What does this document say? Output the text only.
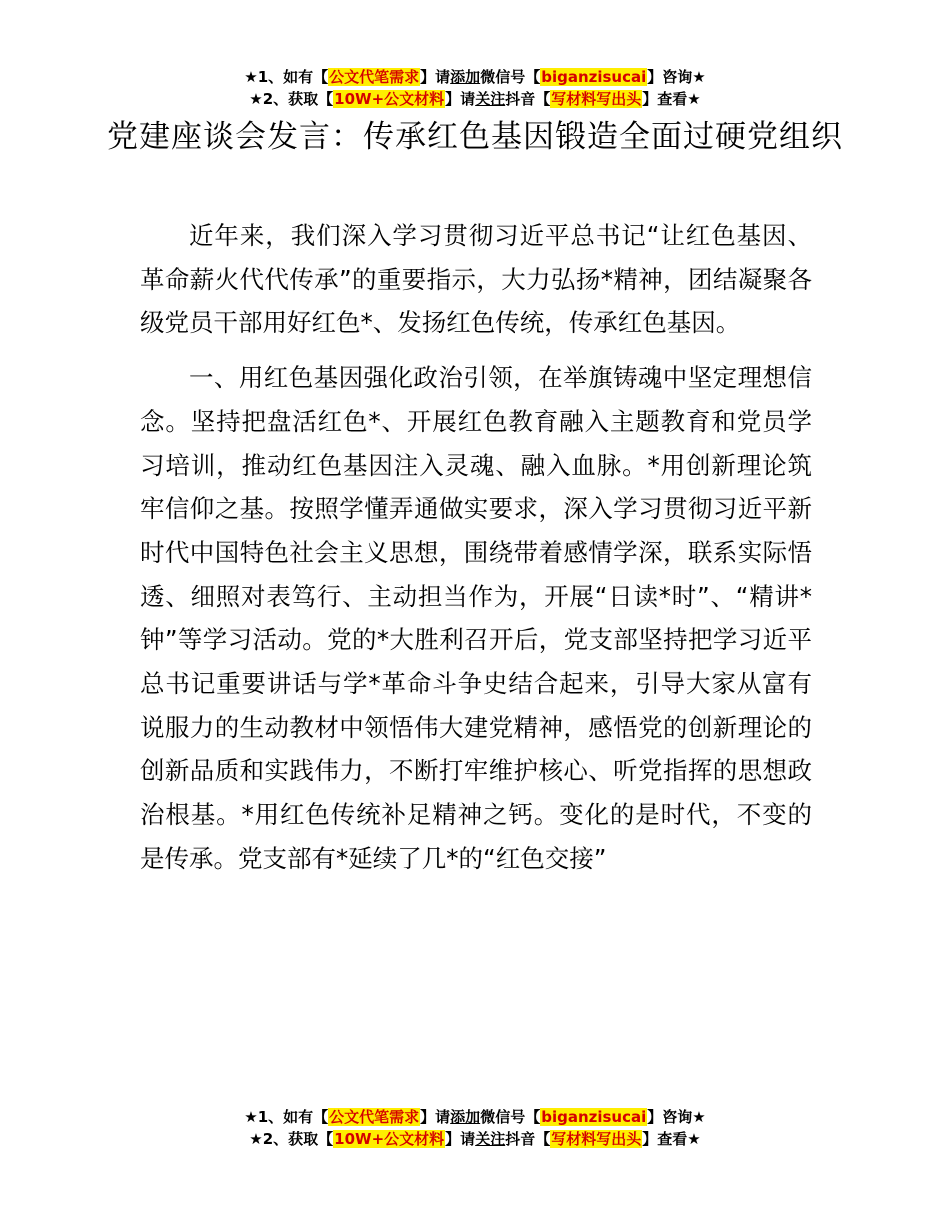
★1、如有【公文代笔需求】请添加微信号【biganzisucai】咨询★
★2、获取【10W+公文材料】请关注抖音【写材料写出头】查看★
党建座谈会发言：传承红色基因锻造全面过硬党组织

近年来，我们深入学习贯彻习近平总书记“让红色基因、革命薪火代代传承”的重要指示，大力弘扬*精神，团结凝聚各级党员干部用好红色*、发扬红色传统，传承红色基因。

一、用红色基因强化政治引领，在举旗铸魂中坚定理想信念。坚持把盘活红色*、开展红色教育融入主题教育和党员学习培训，推动红色基因注入灵魂、融入血脉。*用创新理论筑牢信仰之基。按照学懂弄通做实要求，深入学习贯彻习近平新时代中国特色社会主义思想，围绕带着感情学深，联系实际悟透、细照对表笃行、主动担当作为，开展“日读*时”、“精讲*钟”等学习活动。党的*大胜利召开后，党支部坚持把学习近平总书记重要讲话与学*革命斗争史结合起来，引导大家从富有说服力的生动教材中领悟伟大建党精神，感悟党的创新理论的创新品质和实践伟力，不断打牢维护核心、听党指挥的思想政治根基。*用红色传统补足精神之钙。变化的是时代，不变的是传承。党支部有*延续了几*的“红色交接”

★1、如有【公文代笔需求】请添加微信号【biganzisucai】咨询★
★2、获取【10W+公文材料】请关注抖音【写材料写出头】查看★
